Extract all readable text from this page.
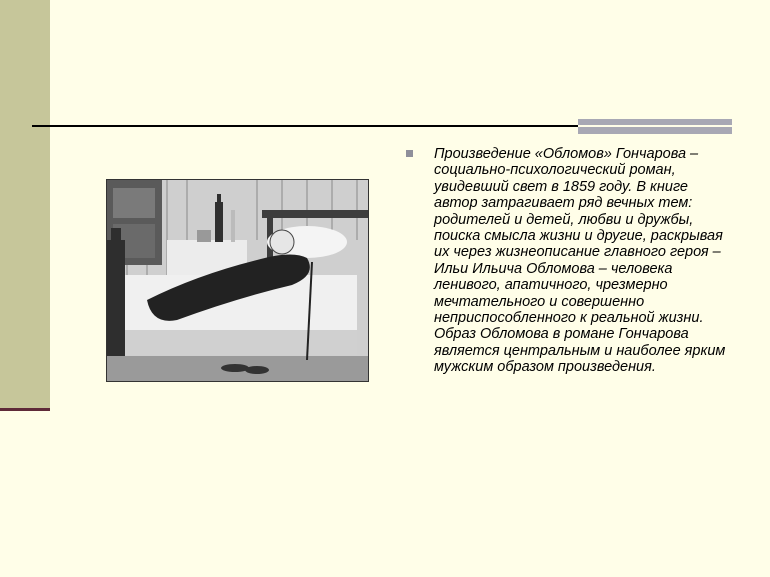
Произведение «Обломов» Гончарова – социально-психологический роман, увидевший свет в 1859 году. В книге автор затрагивает ряд вечных тем: родителей и детей, любви и дружбы, поиска смысла жизни и другие, раскрывая их через жизнеописание главного героя – Ильи Ильича Обломова – человека ленивого, апатичного, чрезмерно мечтательного и совершенно неприспособленного к реальной жизни. Образ Обломова в романе Гончарова является центральным и наиболее ярким мужским образом произведения.
